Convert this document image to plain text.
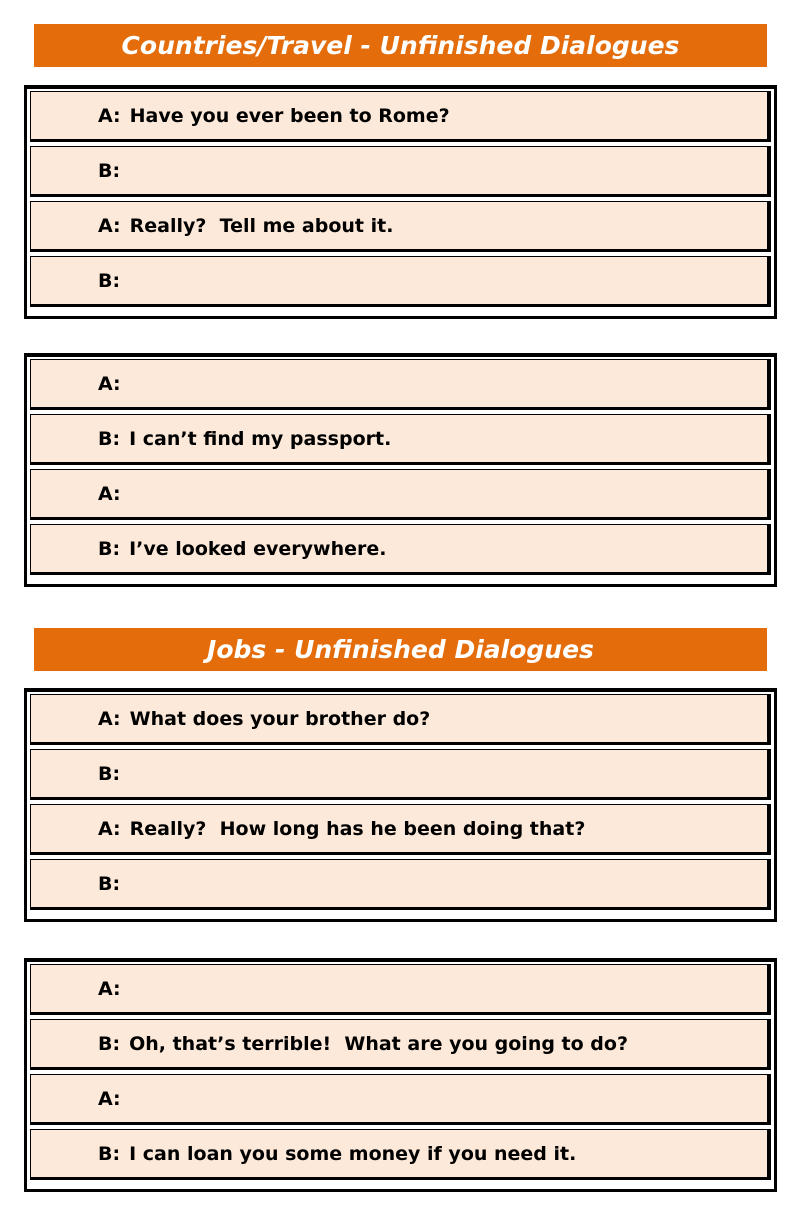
Countries/Travel - Unfinished Dialogues
A: Have you ever been to Rome?
B:
A: Really?  Tell me about it.
B:
A:
B: I can’t find my passport.
A:
B: I’ve looked everywhere.
Jobs - Unfinished Dialogues
A: What does your brother do?
B:
A: Really?  How long has he been doing that?
B:
A:
B: Oh, that’s terrible!  What are you going to do?
A:
B: I can loan you some money if you need it.
